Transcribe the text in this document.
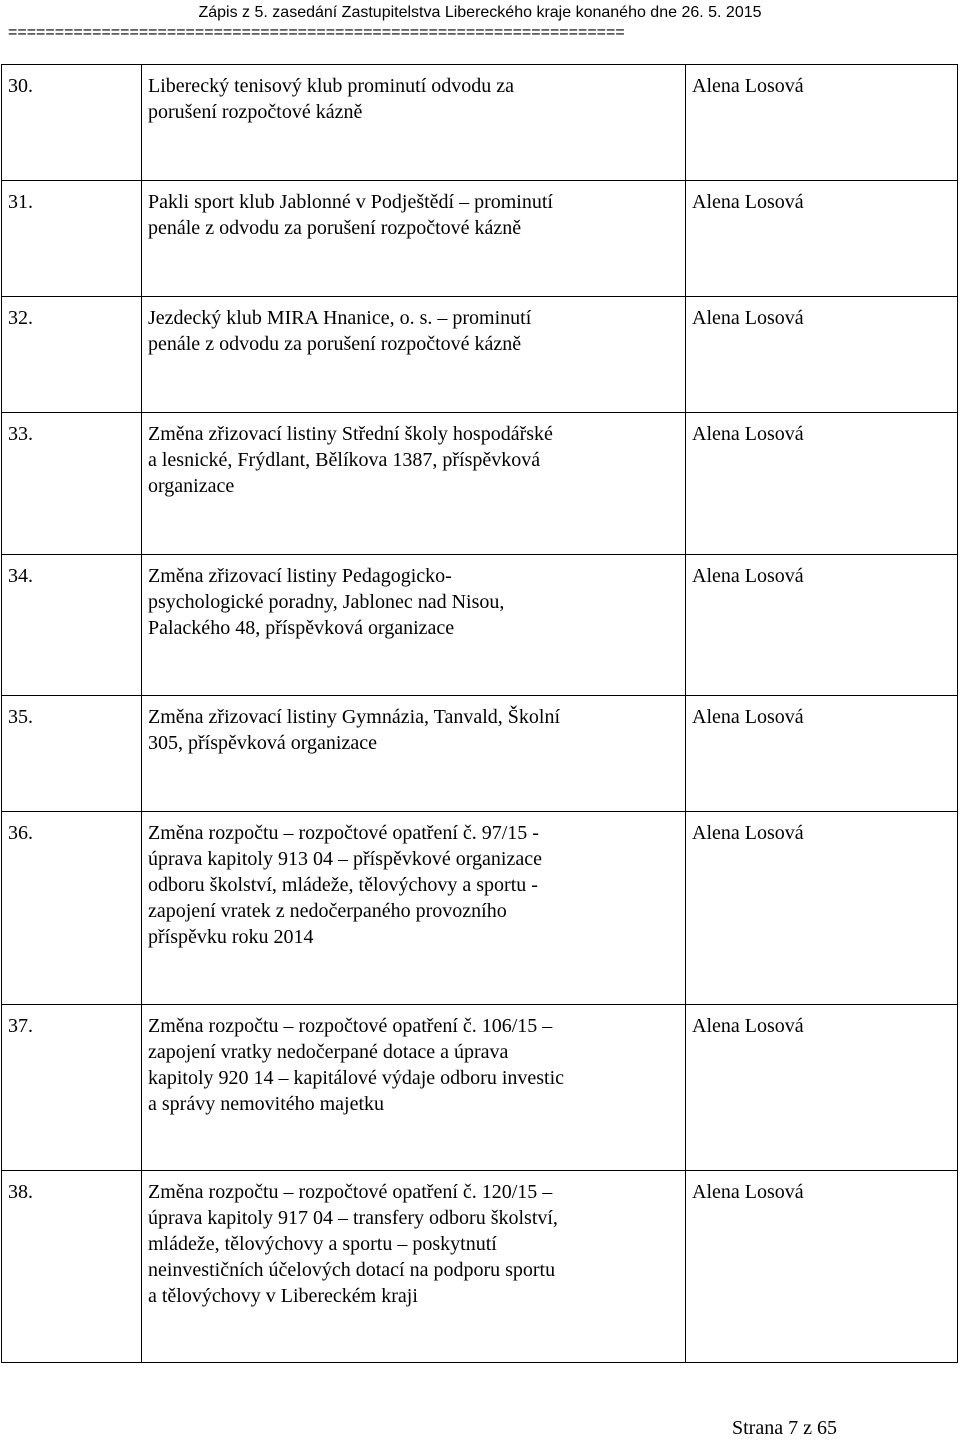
Zápis z 5. zasedání Zastupitelstva Libereckého kraje konaného dne 26. 5. 2015
==================================================================
30.	Liberecký tenisový klub prominutí odvodu za
porušení rozpočtové kázně	Alena Losová
31.	Pakli sport klub Jablonné v Podještědí – prominutí
penále z odvodu za porušení rozpočtové kázně	Alena Losová
32.	Jezdecký klub MIRA Hnanice, o. s. – prominutí
penále z odvodu za porušení rozpočtové kázně	Alena Losová
33.	Změna zřizovací listiny Střední školy hospodářské
a lesnické, Frýdlant, Bělíkova 1387, příspěvková
organizace	Alena Losová
34.	Změna zřizovací listiny Pedagogicko-
psychologické poradny, Jablonec nad Nisou,
Palackého 48, příspěvková organizace	Alena Losová
35.	Změna zřizovací listiny Gymnázia, Tanvald, Školní
305, příspěvková organizace	Alena Losová
36.	Změna rozpočtu – rozpočtové opatření č. 97/15 -
úprava kapitoly 913 04 – příspěvkové organizace
odboru školství, mládeže, tělovýchovy a sportu -
zapojení vratek z nedočerpaného provozního
příspěvku roku 2014	Alena Losová
37.	Změna rozpočtu – rozpočtové opatření č. 106/15 –
zapojení vratky nedočerpané dotace a úprava
kapitoly 920 14 – kapitálové výdaje odboru investic
a správy nemovitého majetku	Alena Losová
38.	Změna rozpočtu – rozpočtové opatření č. 120/15 –
úprava kapitoly 917 04 – transfery odboru školství,
mládeže, tělovýchovy a sportu – poskytnutí
neinvestičních účelových dotací na podporu sportu
a tělovýchovy v Libereckém kraji	Alena Losová
Strana 7 z 65
